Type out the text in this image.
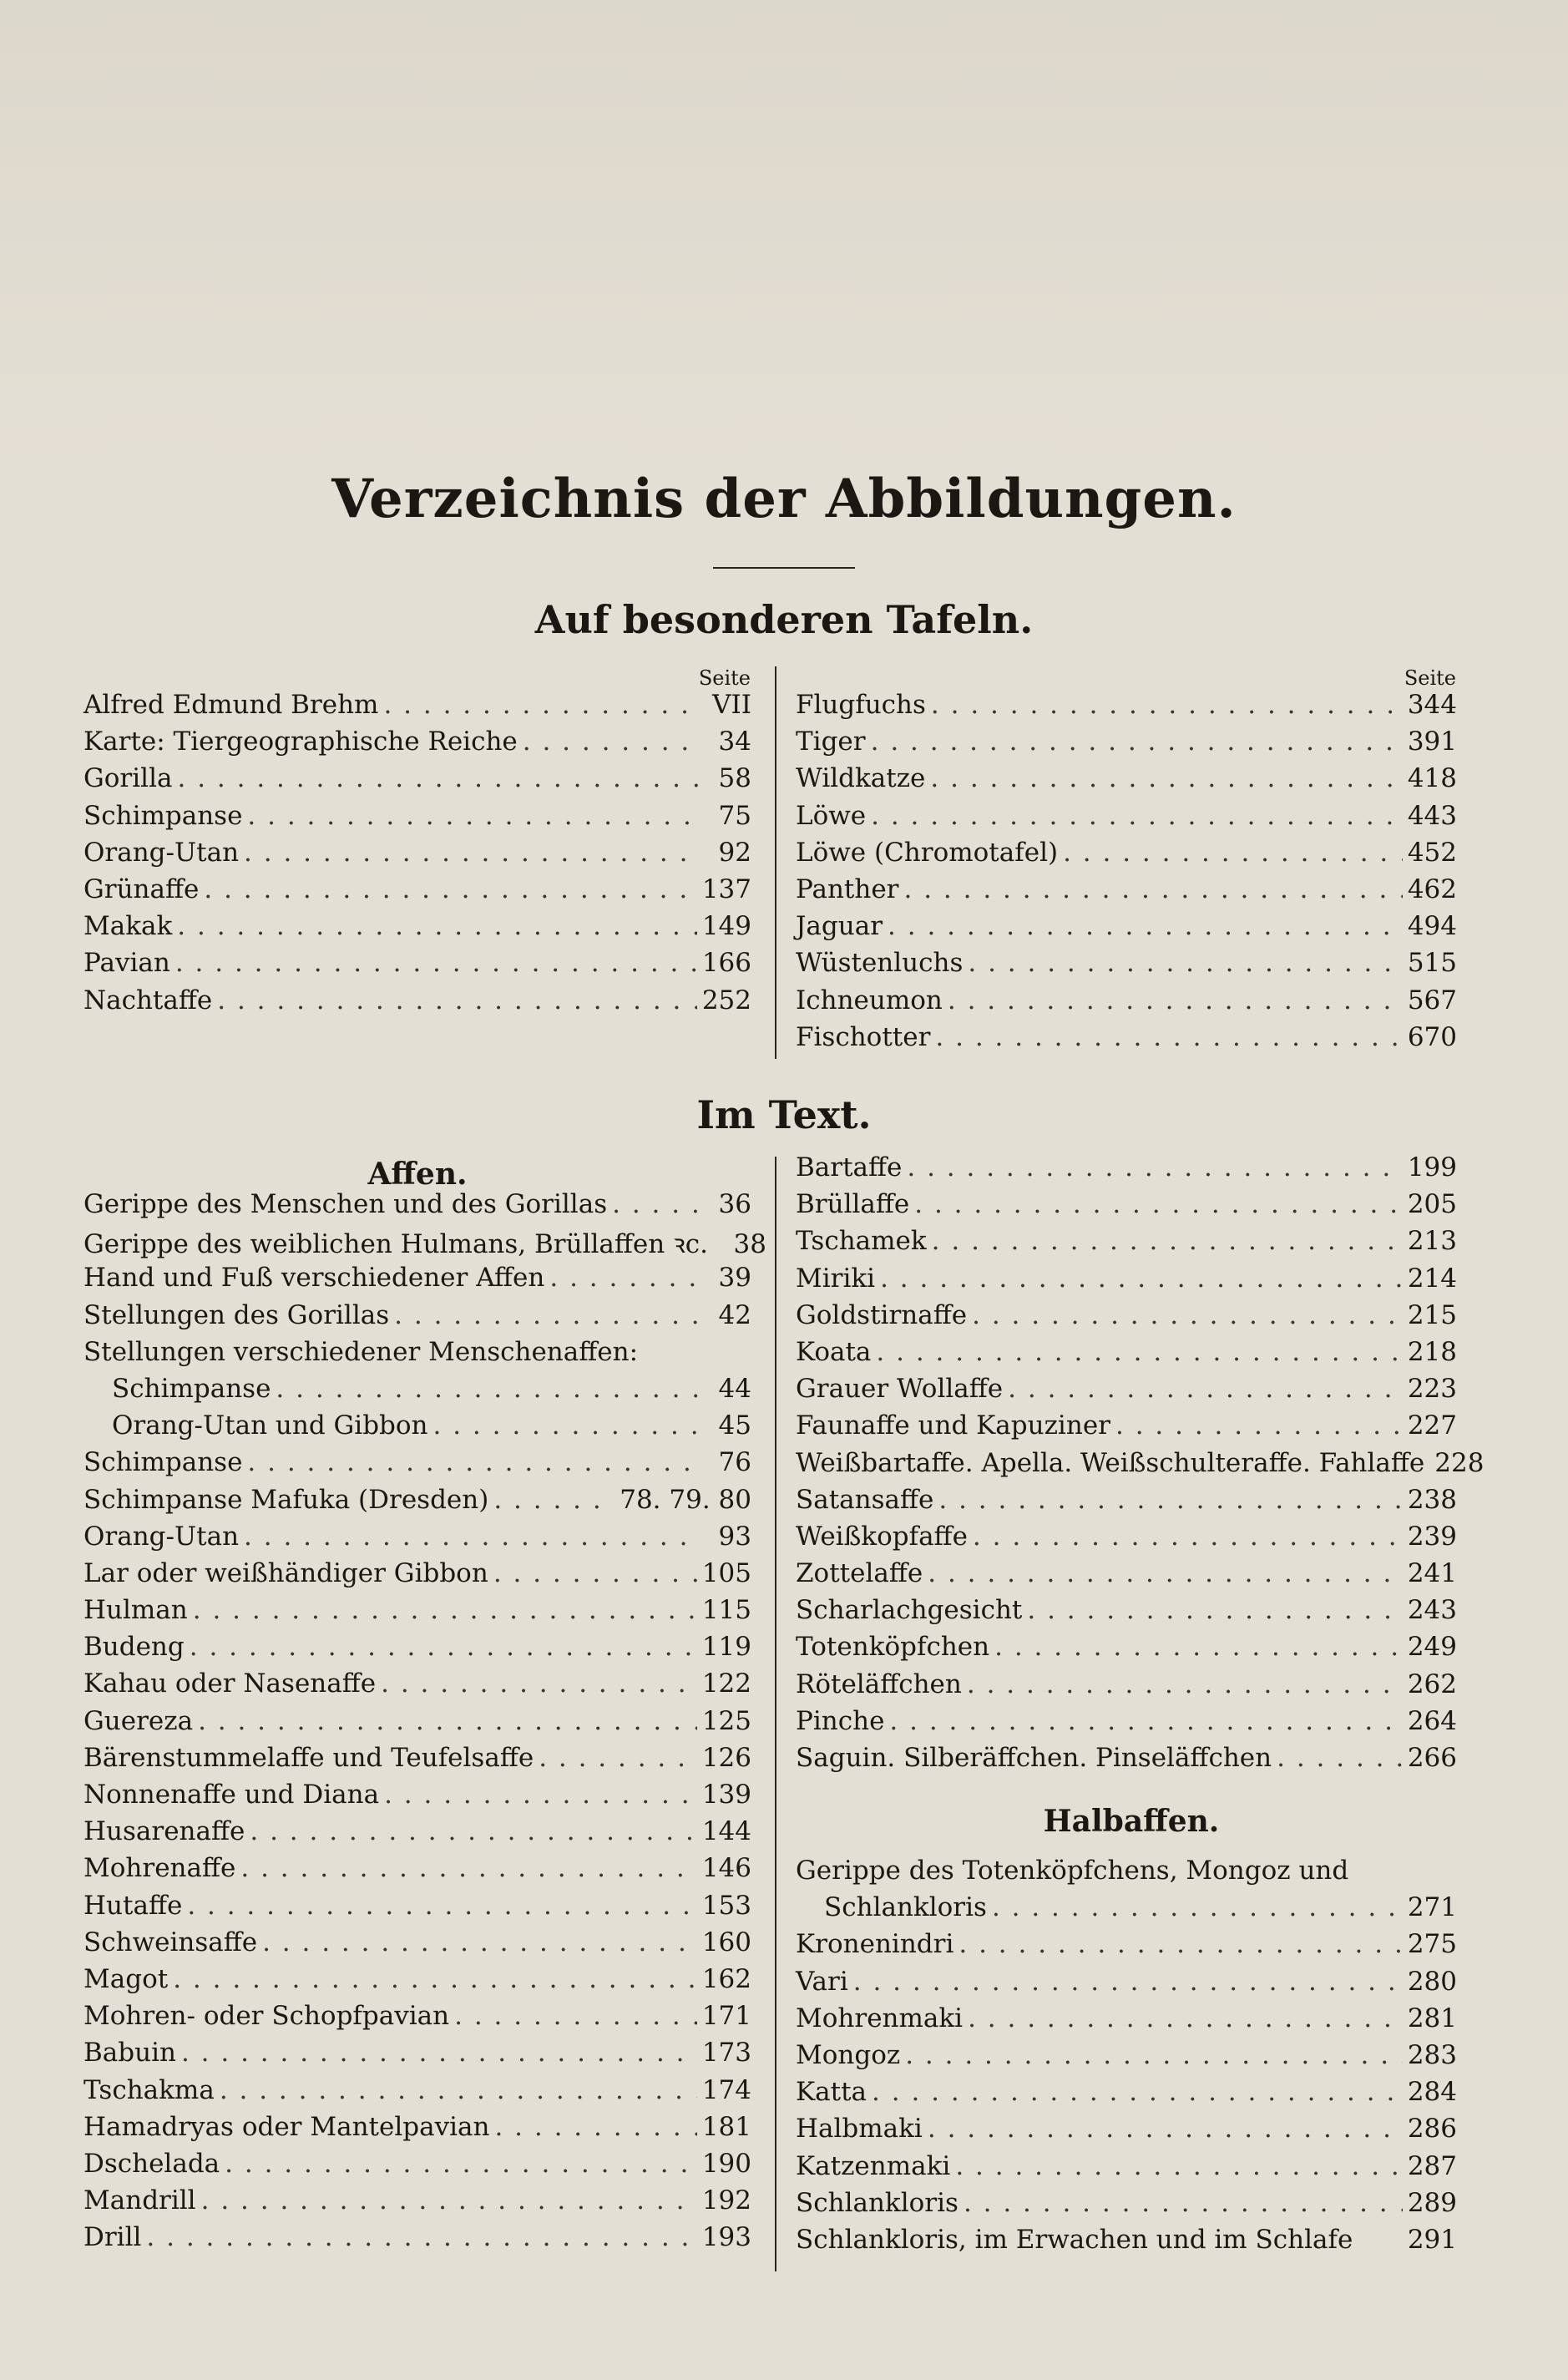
Verzeichnis der Abbildungen.
Auf besonderen Tafeln.
Seite	Seite
Alfred Edmund Brehm . . .	VII
Karte: Tiergeographische Reiche . . .	34
Gorilla . . .	58
Schimpanse . . .	75
Orang-Utan . . .	92
Grünaffe . . .	137
Makak . . .	149
Pavian . . .	166
Nachtaffe . . .	252
Flugfuchs . . .	344
Tiger . . .	391
Wildkatze . . .	418
Löwe . . .	443
Löwe (Chromotafel) . . .	452
Panther . . .	462
Jaguar . . .	494
Wüstenluchs . . .	515
Ichneumon . . .	567
Fischotter . . .	670
Im Text.
Affen.
Gerippe des Menschen und des Gorillas . . .	36
Gerippe des weiblichen Hulmans, Brüllaffen ꝛc. 38
Hand und Fuß verschiedener Affen . . .	39
Stellungen des Gorillas . . .	42
Stellungen verschiedener Menschenaffen:
Schimpanse . . .	44
Orang-Utan und Gibbon . . .	45
Schimpanse . . .	76
Schimpanse Mafuka (Dresden) . . .	78. 79. 80
Orang-Utan . . .	93
Lar oder weißhändiger Gibbon . . .	105
Hulman . . .	115
Budeng . . .	119
Kahau oder Nasenaffe . . .	122
Guereza . . .	125
Bärenstummelaffe und Teufelsaffe . . .	126
Nonnenaffe und Diana . . .	139
Husarenaffe . . .	144
Mohrenaffe . . .	146
Hutaffe . . .	153
Schweinsaffe . . .	160
Magot . . .	162
Mohren- oder Schopfpavian . . .	171
Babuin . . .	173
Tschakma . . .	174
Hamadryas oder Mantelpavian . . .	181
Dschelada . . .	190
Mandrill . . .	192
Drill . . .	193
Bartaffe . . .	199
Brüllaffe . . .	205
Tschamek . . .	213
Miriki . . .	214
Goldstirnaffe . . .	215
Koata . . .	218
Grauer Wollaffe . . .	223
Faunaffe und Kapuziner . . .	227
Weißbartaffe. Apella. Weißschulteraffe. Fahlaffe 228
Satansaffe . . .	238
Weißkopfaffe . . .	239
Zottelaffe . . .	241
Scharlachgesicht . . .	243
Totenköpfchen . . .	249
Röteläffchen . . .	262
Pinche . . .	264
Saguin. Silberäffchen. Pinseläffchen . . .	266
Halbaffen.
Gerippe des Totenköpfchens, Mongoz und
Schlankloris . . .	271
Kronenindri . . .	275
Vari . . .	280
Mohrenmaki . . .	281
Mongoz . . .	283
Katta . . .	284
Halbmaki . . .	286
Katzenmaki . . .	287
Schlankloris . . .	289
Schlankloris, im Erwachen und im Schlafe 291
